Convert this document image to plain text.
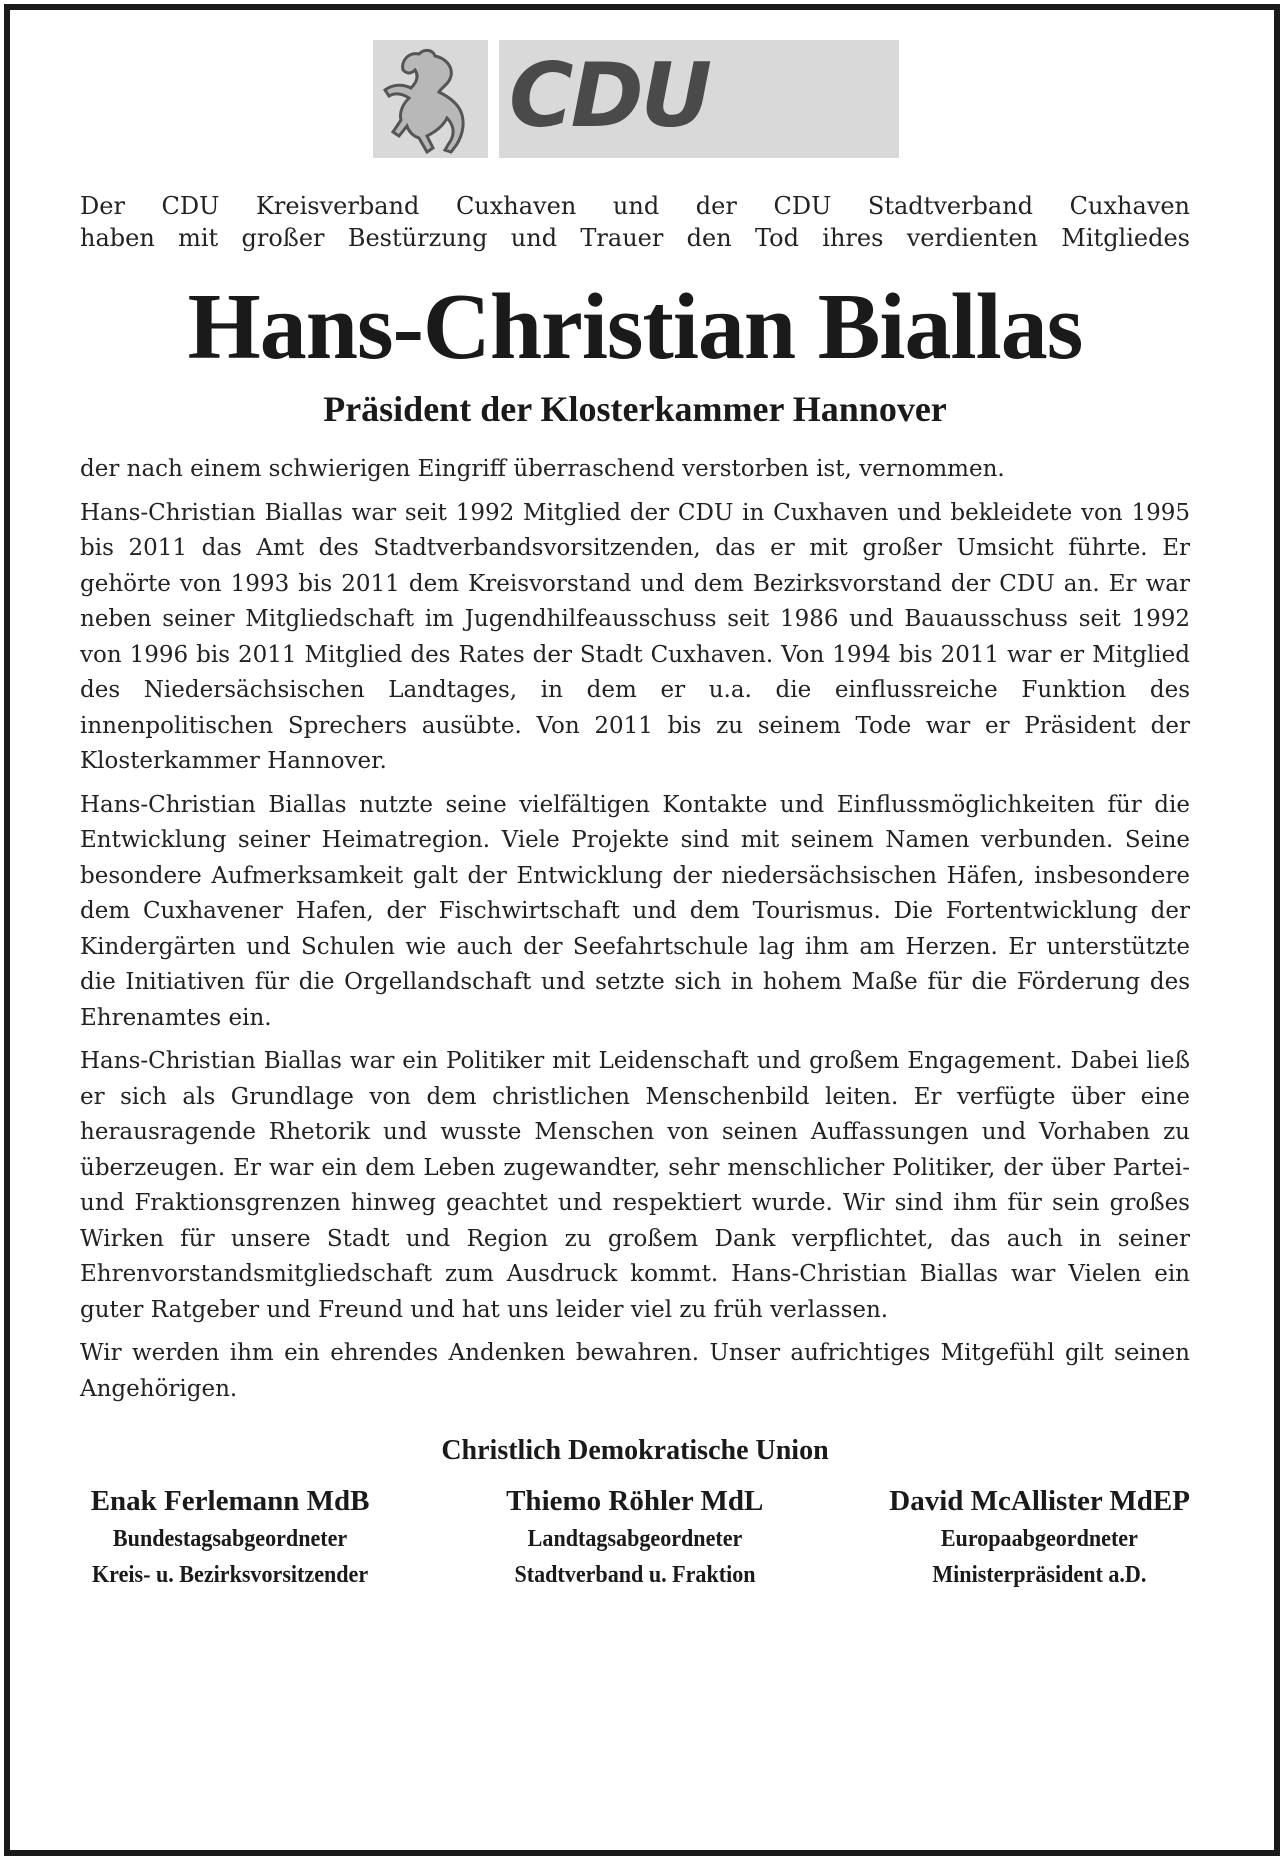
CDU

Der CDU Kreisverband Cuxhaven und der CDU Stadtverband Cuxhaven
haben mit großer Bestürzung und Trauer den Tod ihres verdienten Mitgliedes

Hans-Christian Biallas
Präsident der Klosterkammer Hannover

der nach einem schwierigen Eingriff überraschend verstorben ist, vernommen.

Hans-Christian Biallas war seit 1992 Mitglied der CDU in Cuxhaven und bekleidete von 1995 bis 2011 das Amt des Stadtverbandsvorsitzenden, das er mit großer Umsicht führte. Er gehörte von 1993 bis 2011 dem Kreisvorstand und dem Bezirksvorstand der CDU an. Er war neben seiner Mitgliedschaft im Jugendhilfeausschuss seit 1986 und Bauausschuss seit 1992 von 1996 bis 2011 Mitglied des Rates der Stadt Cuxhaven. Von 1994 bis 2011 war er Mitglied des Niedersächsischen Landtages, in dem er u.a. die einflussreiche Funktion des innenpolitischen Sprechers ausübte. Von 2011 bis zu seinem Tode war er Präsident der Klosterkammer Hannover.

Hans-Christian Biallas nutzte seine vielfältigen Kontakte und Einflussmöglichkeiten für die Entwicklung seiner Heimatregion. Viele Projekte sind mit seinem Namen verbunden. Seine besondere Aufmerksamkeit galt der Entwicklung der niedersächsischen Häfen, insbesondere dem Cuxhavener Hafen, der Fischwirtschaft und dem Tourismus. Die Fortentwicklung der Kindergärten und Schulen wie auch der Seefahrtschule lag ihm am Herzen. Er unterstützte die Initiativen für die Orgellandschaft und setzte sich in hohem Maße für die Förderung des Ehrenamtes ein.

Hans-Christian Biallas war ein Politiker mit Leidenschaft und großem Engagement. Dabei ließ er sich als Grundlage von dem christlichen Menschenbild leiten. Er verfügte über eine herausragende Rhetorik und wusste Menschen von seinen Auffassungen und Vorhaben zu überzeugen. Er war ein dem Leben zugewandter, sehr menschlicher Politiker, der über Partei- und Fraktionsgrenzen hinweg geachtet und respektiert wurde. Wir sind ihm für sein großes Wirken für unsere Stadt und Region zu großem Dank verpflichtet, das auch in seiner Ehrenvorstandsmitgliedschaft zum Ausdruck kommt. Hans-Christian Biallas war Vielen ein guter Ratgeber und Freund und hat uns leider viel zu früh verlassen.

Wir werden ihm ein ehrendes Andenken bewahren. Unser aufrichtiges Mitgefühl gilt seinen Angehörigen.

Christlich Demokratische Union
Enak Ferlemann MdB
Bundestagsabgeordneter
Kreis- u. Bezirksvorsitzender
Thiemo Röhler MdL
Landtagsabgeordneter
Stadtverband u. Fraktion
David McAllister MdEP
Europaabgeordneter
Ministerpräsident a.D.
